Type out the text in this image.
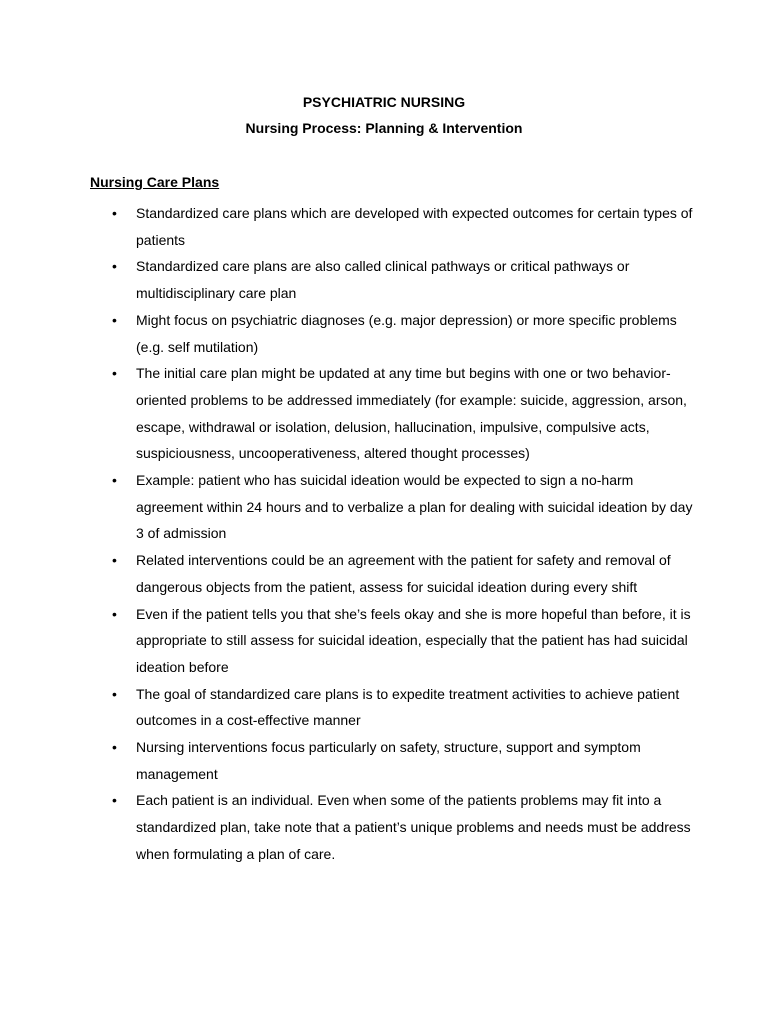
PSYCHIATRIC NURSING
Nursing Process: Planning & Intervention
Nursing Care Plans
• Standardized care plans which are developed with expected outcomes for certain types of patients
• Standardized care plans are also called clinical pathways or critical pathways or multidisciplinary care plan
• Might focus on psychiatric diagnoses (e.g. major depression) or more specific problems (e.g. self mutilation)
• The initial care plan might be updated at any time but begins with one or two behavior-oriented problems to be addressed immediately (for example: suicide, aggression, arson, escape, withdrawal or isolation, delusion, hallucination, impulsive, compulsive acts, suspiciousness, uncooperativeness, altered thought processes)
• Example: patient who has suicidal ideation would be expected to sign a no-harm agreement within 24 hours and to verbalize a plan for dealing with suicidal ideation by day 3 of admission
• Related interventions could be an agreement with the patient for safety and removal of dangerous objects from the patient, assess for suicidal ideation during every shift
• Even if the patient tells you that she’s feels okay and she is more hopeful than before, it is appropriate to still assess for suicidal ideation, especially that the patient has had suicidal ideation before
• The goal of standardized care plans is to expedite treatment activities to achieve patient outcomes in a cost-effective manner
• Nursing interventions focus particularly on safety, structure, support and symptom management
• Each patient is an individual. Even when some of the patients problems may fit into a standardized plan, take note that a patient’s unique problems and needs must be address when formulating a plan of care.
